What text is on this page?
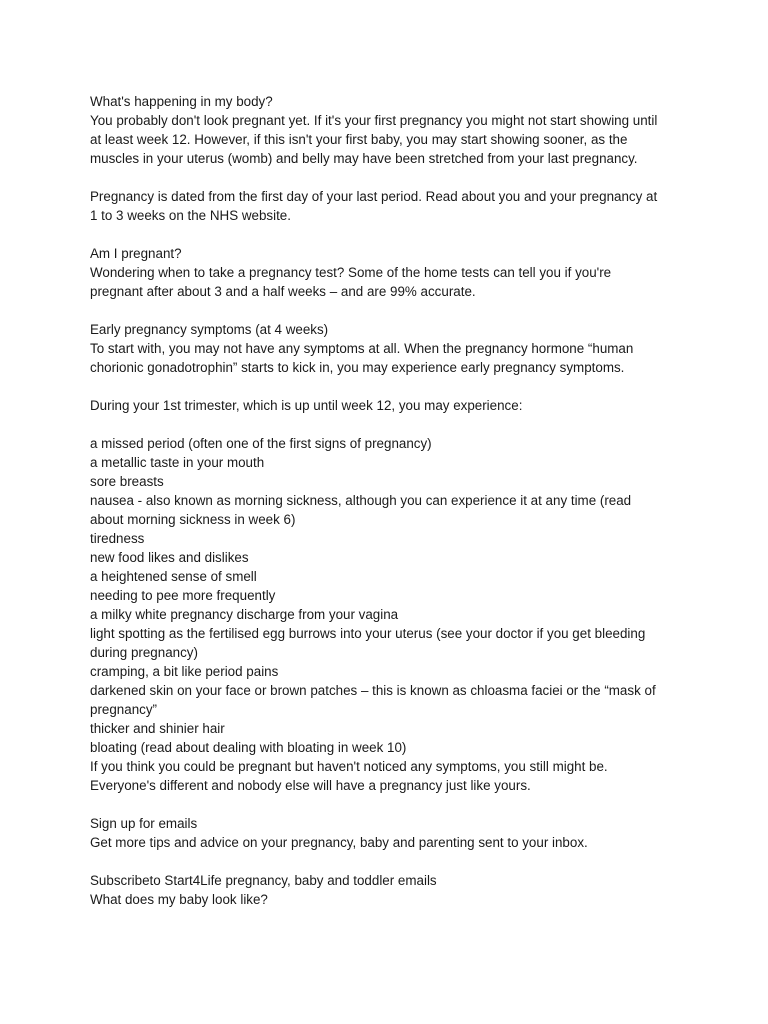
What's happening in my body?
You probably don't look pregnant yet. If it's your first pregnancy you might not start showing until
at least week 12. However, if this isn't your first baby, you may start showing sooner, as the
muscles in your uterus (womb) and belly may have been stretched from your last pregnancy.
Pregnancy is dated from the first day of your last period. Read about you and your pregnancy at
1 to 3 weeks on the NHS website.
Am I pregnant?
Wondering when to take a pregnancy test? Some of the home tests can tell you if you're
pregnant after about 3 and a half weeks – and are 99% accurate.
Early pregnancy symptoms (at 4 weeks)
To start with, you may not have any symptoms at all. When the pregnancy hormone “human
chorionic gonadotrophin” starts to kick in, you may experience early pregnancy symptoms.
During your 1st trimester, which is up until week 12, you may experience:
a missed period (often one of the first signs of pregnancy)
a metallic taste in your mouth
sore breasts
nausea - also known as morning sickness, although you can experience it at any time (read
about morning sickness in week 6)
tiredness
new food likes and dislikes
a heightened sense of smell
needing to pee more frequently
a milky white pregnancy discharge from your vagina
light spotting as the fertilised egg burrows into your uterus (see your doctor if you get bleeding
during pregnancy)
cramping, a bit like period pains
darkened skin on your face or brown patches – this is known as chloasma faciei or the “mask of
pregnancy”
thicker and shinier hair
bloating (read about dealing with bloating in week 10)
If you think you could be pregnant but haven't noticed any symptoms, you still might be.
Everyone's different and nobody else will have a pregnancy just like yours.
Sign up for emails
Get more tips and advice on your pregnancy, baby and parenting sent to your inbox.
Subscribeto Start4Life pregnancy, baby and toddler emails
What does my baby look like?
